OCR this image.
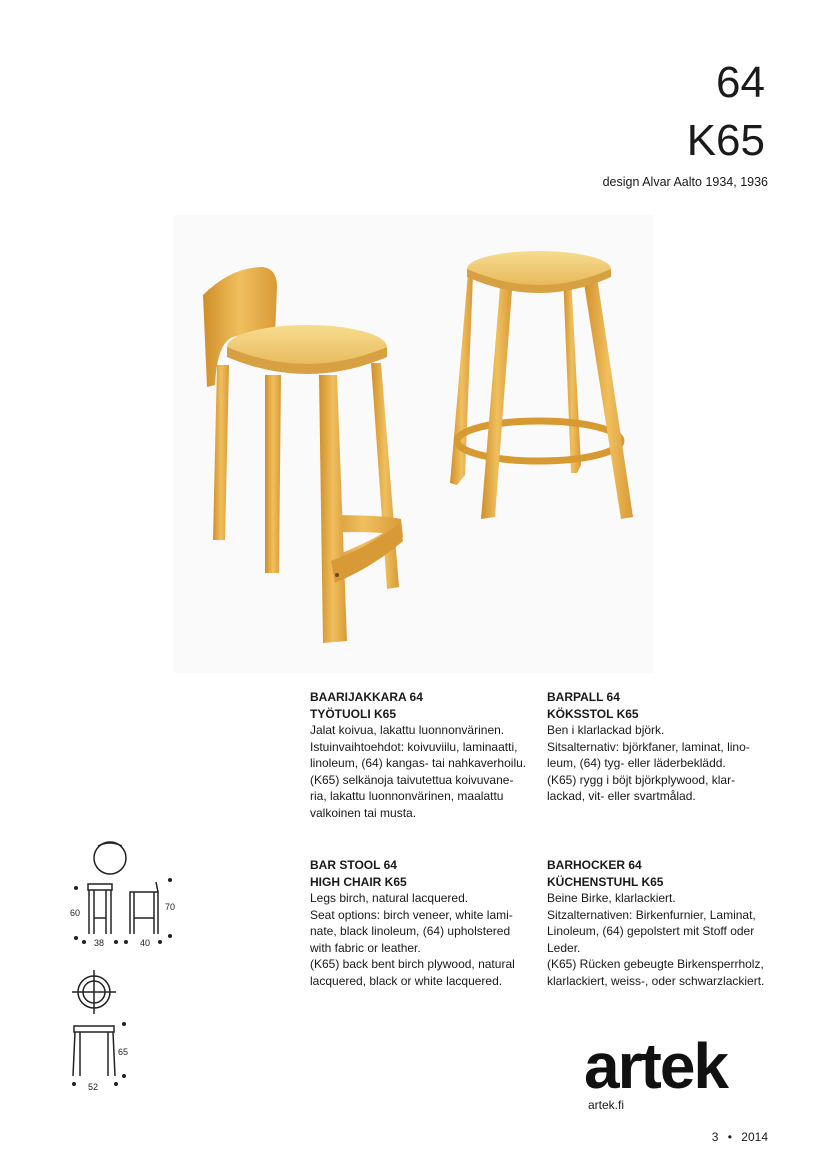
64
K65
design Alvar Aalto 1934, 1936
BAARIJAKKARA 64
TYÖTUOLI K65

Jalat koivua, lakattu luonnonvärinen.

Istuinvaihtoehdot: koivuviilu, laminaatti,

linoleum, (64) kangas- tai nahkaverhoilu.

(K65) selkänoja taivutettua koivuvane-

ria, lakattu luonnonvärinen, maalattu

valkoinen tai musta.

BARPALL 64
KÖKSSTOL K65

Ben i klarlackad björk.

Sitsalternativ: björkfaner, laminat, lino-

leum, (64) tyg- eller läderbeklädd.

(K65) rygg i böjt björkplywood, klar-

lackad, vit- eller svartmålad.

BAR STOOL 64
HIGH CHAIR K65

Legs birch, natural lacquered.

Seat options: birch veneer, white lami-

nate, black linoleum, (64) upholstered

with fabric or leather.

(K65) back bent birch plywood, natural

lacquered, black or white lacquered.

BARHOCKER 64
KÜCHENSTUHL K65

Beine Birke, klarlackiert.

Sitzalternativen: Birkenfurnier, Laminat,

Linoleum, (64) gepolstert mit Stoff oder

Leder.

(K65) Rücken gebeugte Birkensperrholz,

klarlackiert, weiss-, oder schwarzlackiert.

60
70
38	40
65
52	artek
artek.fi
3 • 2014
